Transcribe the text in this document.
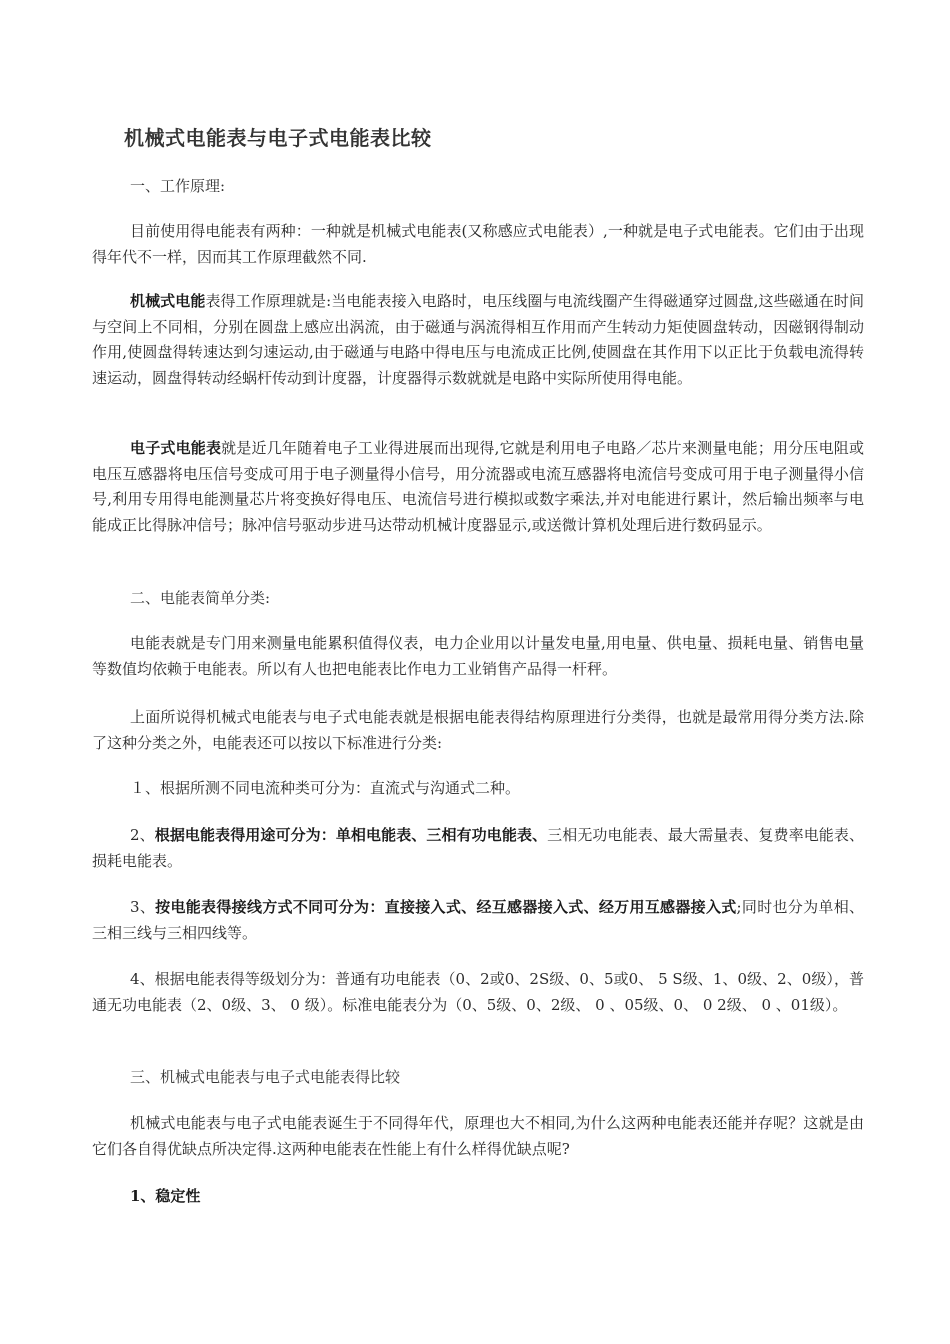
机械式电能表与电子式电能表比较
一、工作原理:
目前使用得电能表有两种：一种就是机械式电能表(又称感应式电能表）,一种就是电子式电能表。它们由于出现得年代不一样，因而其工作原理截然不同.
机械式电能表得工作原理就是:当电能表接入电路时，电压线圈与电流线圈产生得磁通穿过圆盘,这些磁通在时间与空间上不同相，分别在圆盘上感应出涡流，由于磁通与涡流得相互作用而产生转动力矩使圆盘转动，因磁钢得制动作用,使圆盘得转速达到匀速运动,由于磁通与电路中得电压与电流成正比例,使圆盘在其作用下以正比于负载电流得转速运动，圆盘得转动经蜗杆传动到计度器，计度器得示数就就是电路中实际所使用得电能。
电子式电能表就是近几年随着电子工业得进展而出现得,它就是利用电子电路／芯片来测量电能；用分压电阻或电压互感器将电压信号变成可用于电子测量得小信号，用分流器或电流互感器将电流信号变成可用于电子测量得小信号,利用专用得电能测量芯片将变换好得电压、电流信号进行模拟或数字乘法,并对电能进行累计，然后输出频率与电能成正比得脉冲信号；脉冲信号驱动步进马达带动机械计度器显示,或送微计算机处理后进行数码显示。
二、电能表简单分类:
电能表就是专门用来测量电能累积值得仪表，电力企业用以计量发电量,用电量、供电量、损耗电量、销售电量等数值均依赖于电能表。所以有人也把电能表比作电力工业销售产品得一杆秤。
上面所说得机械式电能表与电子式电能表就是根据电能表得结构原理进行分类得，也就是最常用得分类方法.除了这种分类之外，电能表还可以按以下标准进行分类:
１、根据所测不同电流种类可分为：直流式与沟通式二种。
2、根据电能表得用途可分为：单相电能表、三相有功电能表、三相无功电能表、最大需量表、复费率电能表、损耗电能表。
3、按电能表得接线方式不同可分为：直接接入式、经互感器接入式、经万用互感器接入式;同时也分为单相、三相三线与三相四线等。
4、根据电能表得等级划分为：普通有功电能表（0、2或0、2S级、0、5或0、 5 S级、1、0级、2、0级），普通无功电能表（2、0级、3、 0 级）。标准电能表分为（0、5级、0、2级、 0 、05级、0、 0 2级、 0 、01级）。
三、机械式电能表与电子式电能表得比较
机械式电能表与电子式电能表诞生于不同得年代，原理也大不相同,为什么这两种电能表还能并存呢？这就是由它们各自得优缺点所决定得.这两种电能表在性能上有什么样得优缺点呢?
1、稳定性
